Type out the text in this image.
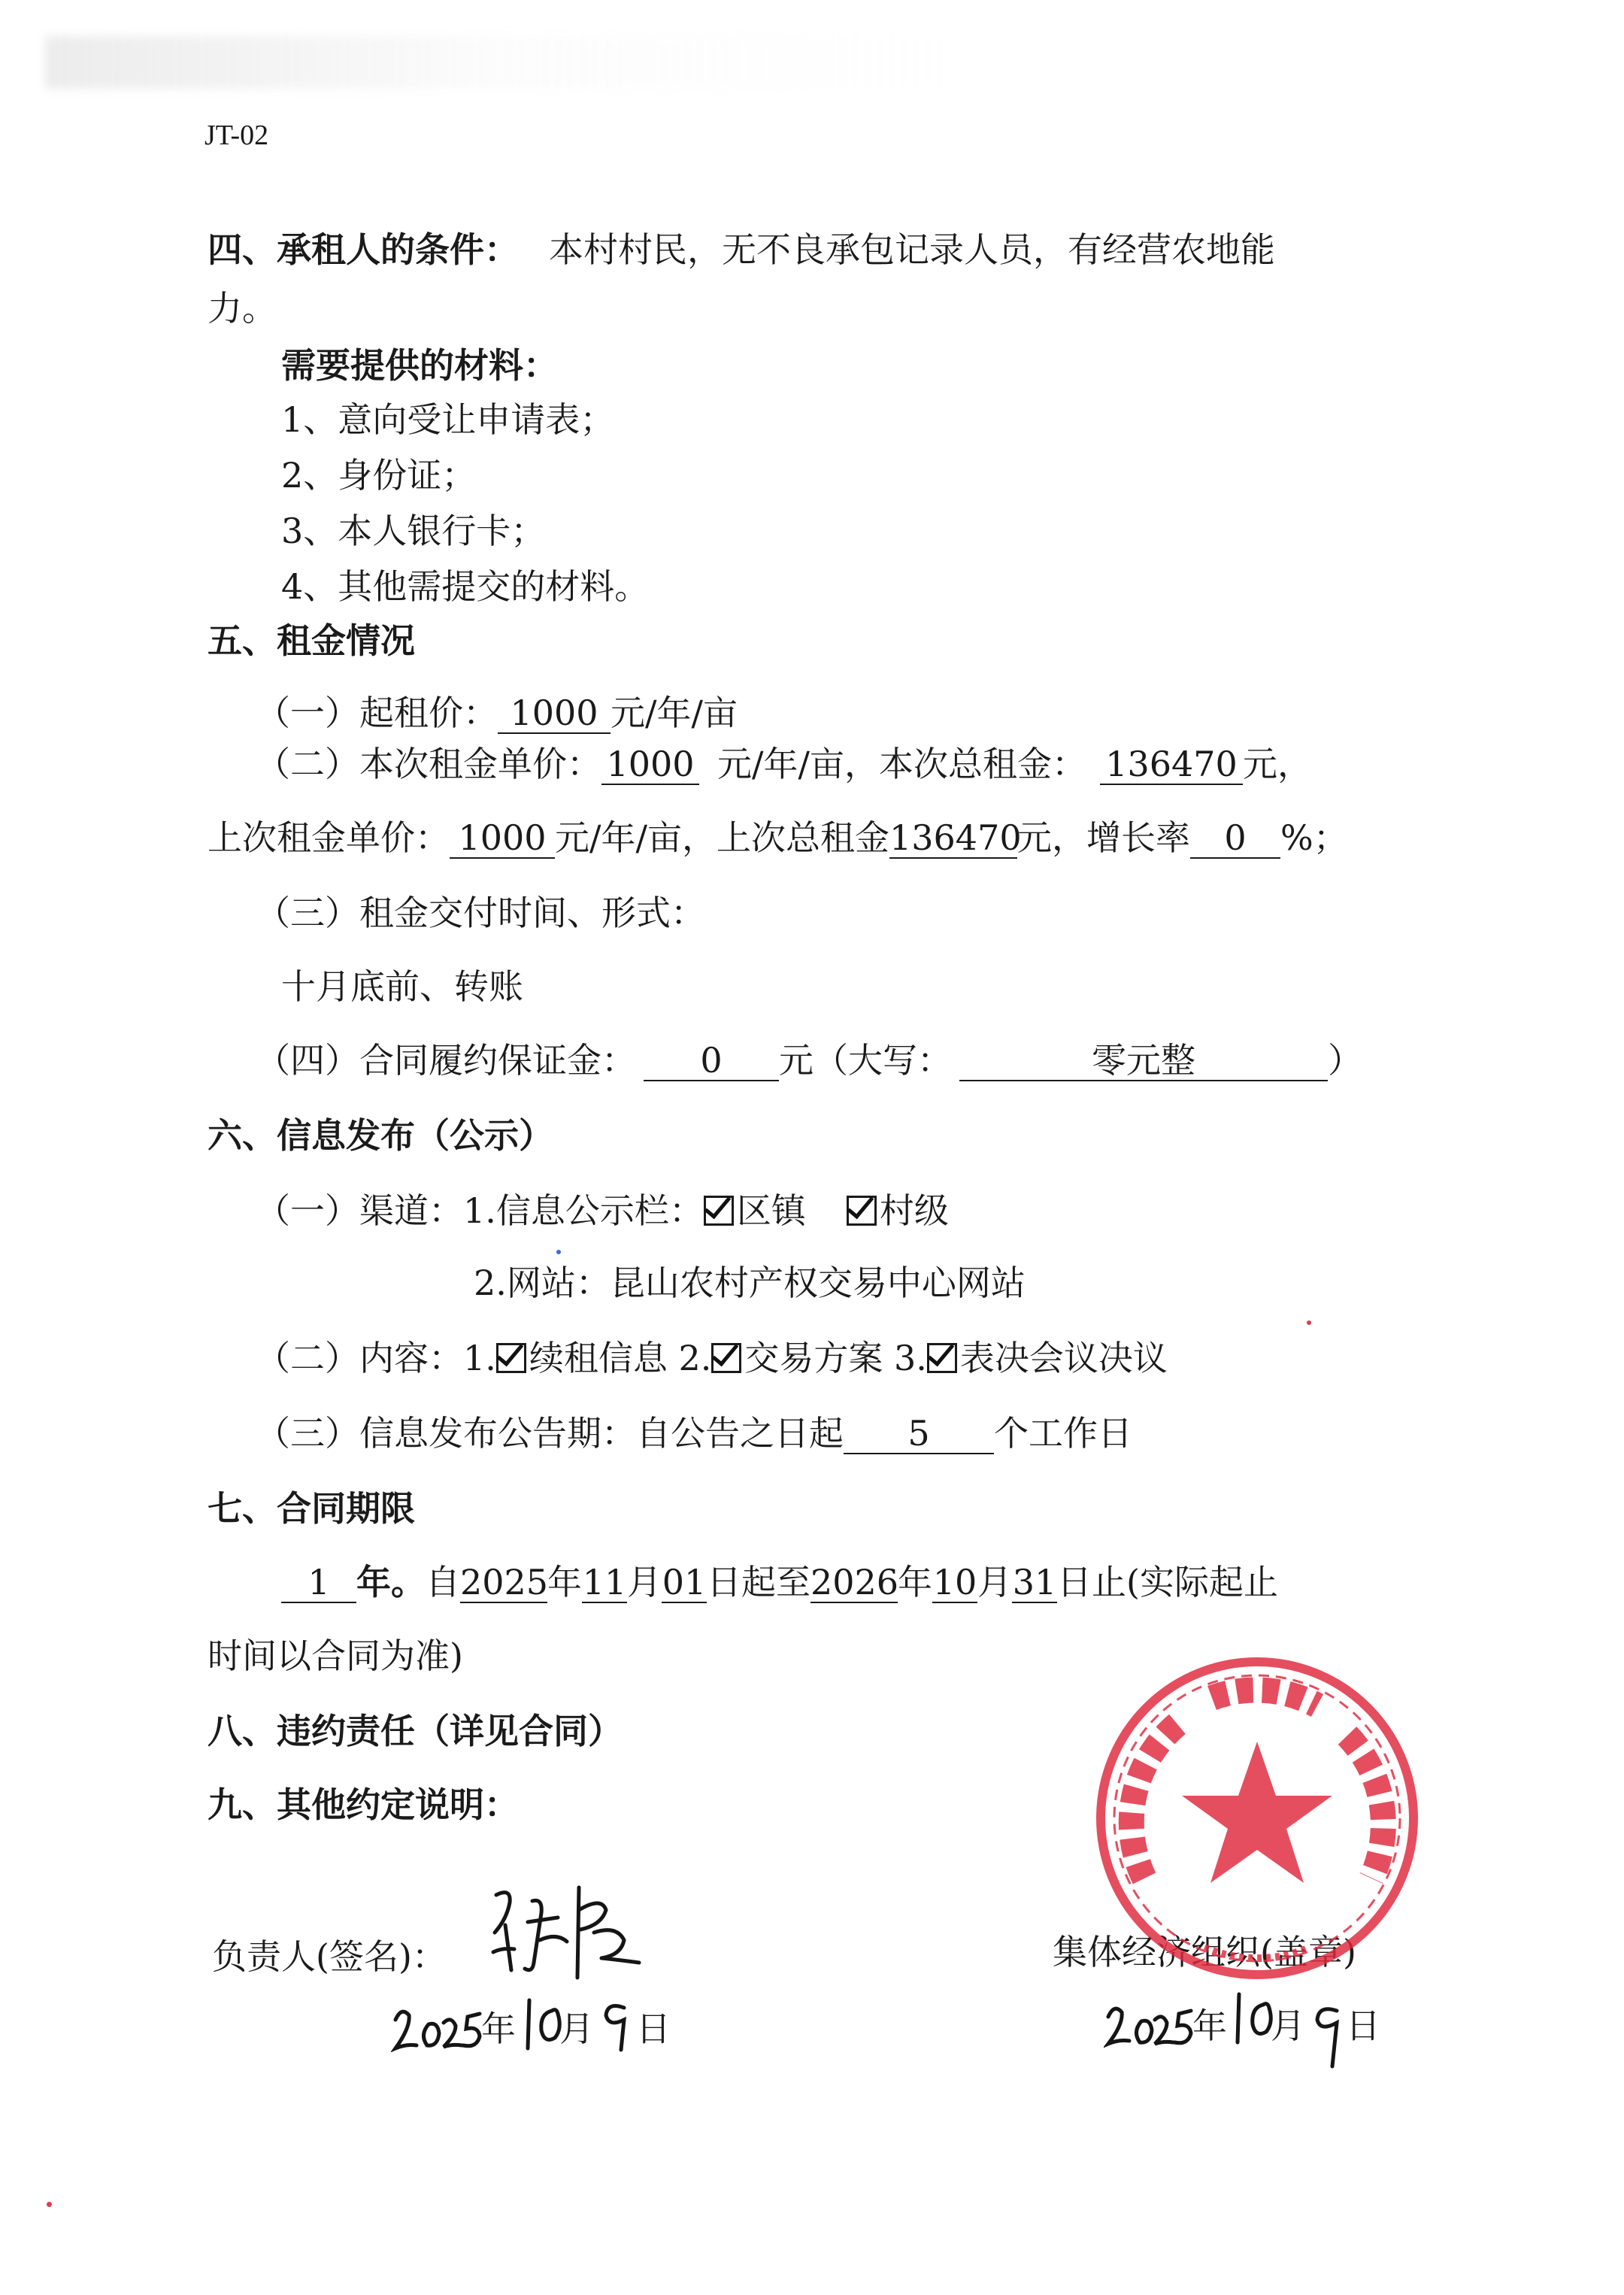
JT-02
四、承租人的条件： 本村村民，无不良承包记录人员，有经营农地能
力。
需要提供的材料：
1、意向受让申请表；
2、身份证；
3、本人银行卡；
4、其他需提交的材料。
五、租金情况
（一）起租价： 1000 元/年/亩
（二）本次租金单价： 1000 元/年/亩，本次总租金： 136470 元，
上次租金单价： 1000 元/年/亩，上次总租金136470元，增长率 0 %；
（三）租金交付时间、形式：
十月底前、转账
（四）合同履约保证金： 0 元（大写：	零元整	）
六、信息发布（公示）
（一）渠道：1.信息公示栏： 区镇 村级
2.网站：昆山农村产权交易中心网站
（二）内容：1. 续租信息 2. 交易方案 3. 表决会议决议
（三）信息发布公告期：自公告之日起 5 个工作日
七、合同期限
1 年。自2025年11月01日起至2026年10月31日止(实际起止
时间以合同为准)
八、违约责任（详见合同）
九、其他约定说明：
负责人(签名)：	集体经济组织(盖章)
年 月 日	年 月 日
